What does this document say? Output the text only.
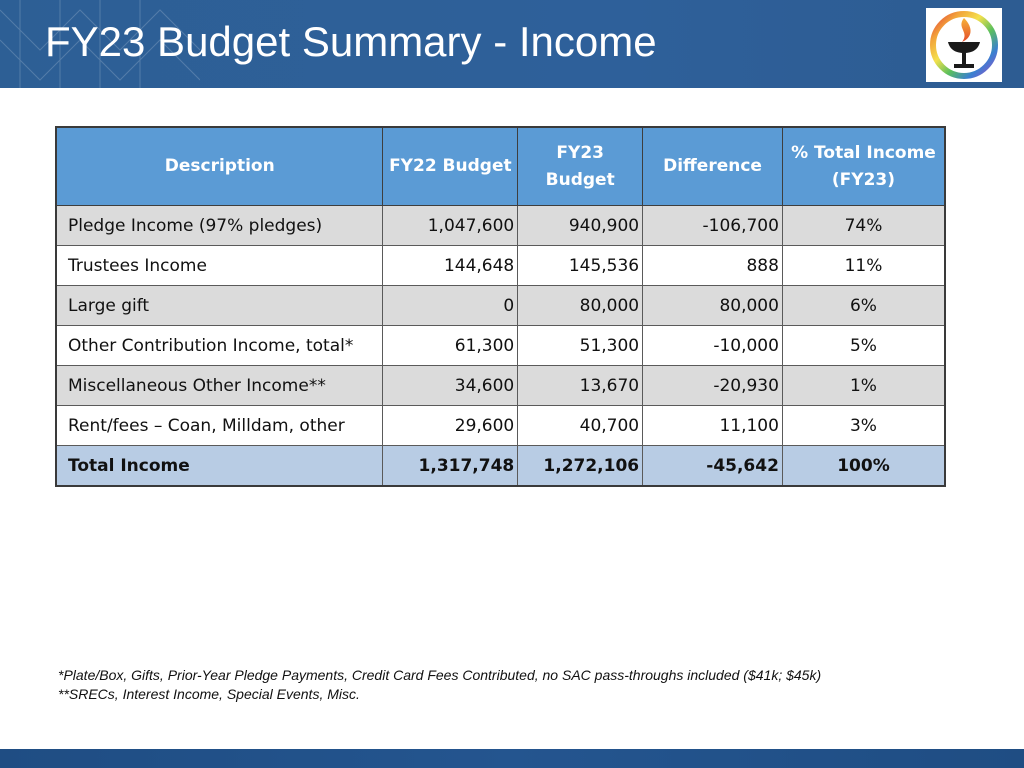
FY23 Budget Summary - Income
Description	FY22 Budget	FY23 Budget	Difference	% Total Income
(FY23)
Pledge Income (97% pledges)	1,047,600	940,900	-106,700	74%
Trustees Income	144,648	145,536	888	11%
Large gift	0	80,000	80,000	6%
Other Contribution Income, total*	61,300	51,300	-10,000	5%
Miscellaneous Other Income**	34,600	13,670	-20,930	1%
Rent/fees – Coan, Milldam, other	29,600	40,700	11,100	3%
Total Income	1,317,748	1,272,106	-45,642	100%
*Plate/Box, Gifts, Prior-Year Pledge Payments, Credit Card Fees Contributed, no SAC pass-throughs included ($41k; $45k)
**SRECs, Interest Income, Special Events, Misc.
